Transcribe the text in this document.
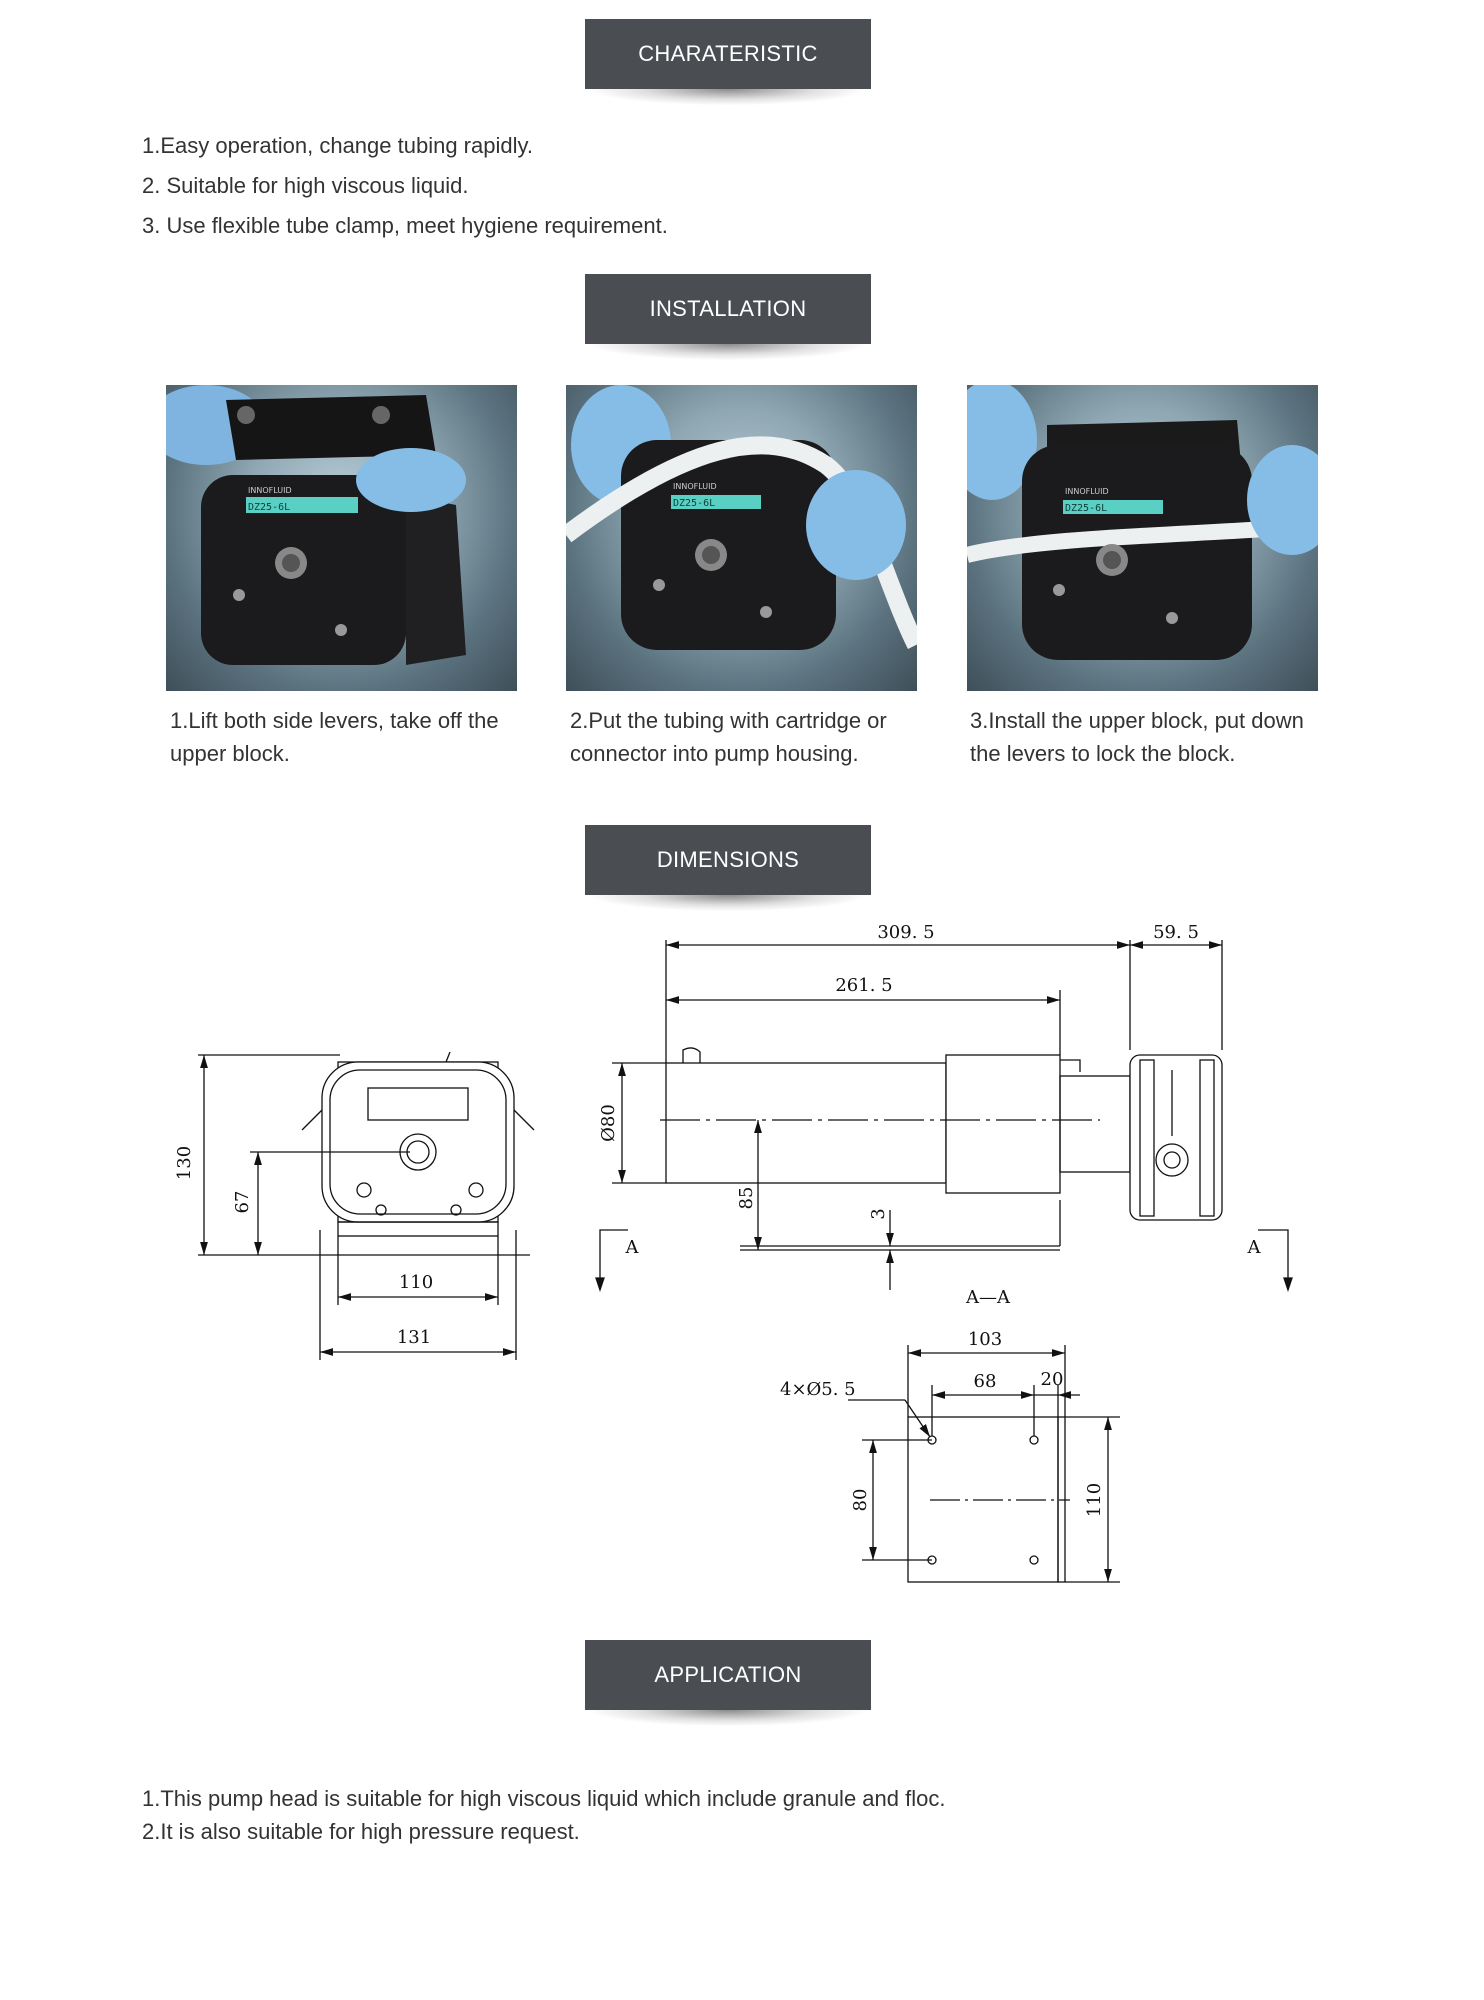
CHARATERISTIC
1.Easy operation, change tubing rapidly.
2. Suitable for high viscous liquid.
3. Use flexible tube clamp, meet hygiene requirement.
INSTALLATION
DZ25-6L
INNOFLUID
1.Lift both side levers, take off the upper block.
DZ25-6L
INNOFLUID
2.Put the tubing with cartridge or connector into pump housing.
DZ25-6L
INNOFLUID
3.Install the upper block, put down the levers to lock the block.
DIMENSIONS
130
67
110
131
309. 5	59. 5
261. 5
Ø80
85
3
A	A
A—A
103
68 20
4×Ø5. 5
80	110
APPLICATION
1.This pump head is suitable for high viscous liquid which include granule and floc.
2.It is also suitable for high pressure request.
